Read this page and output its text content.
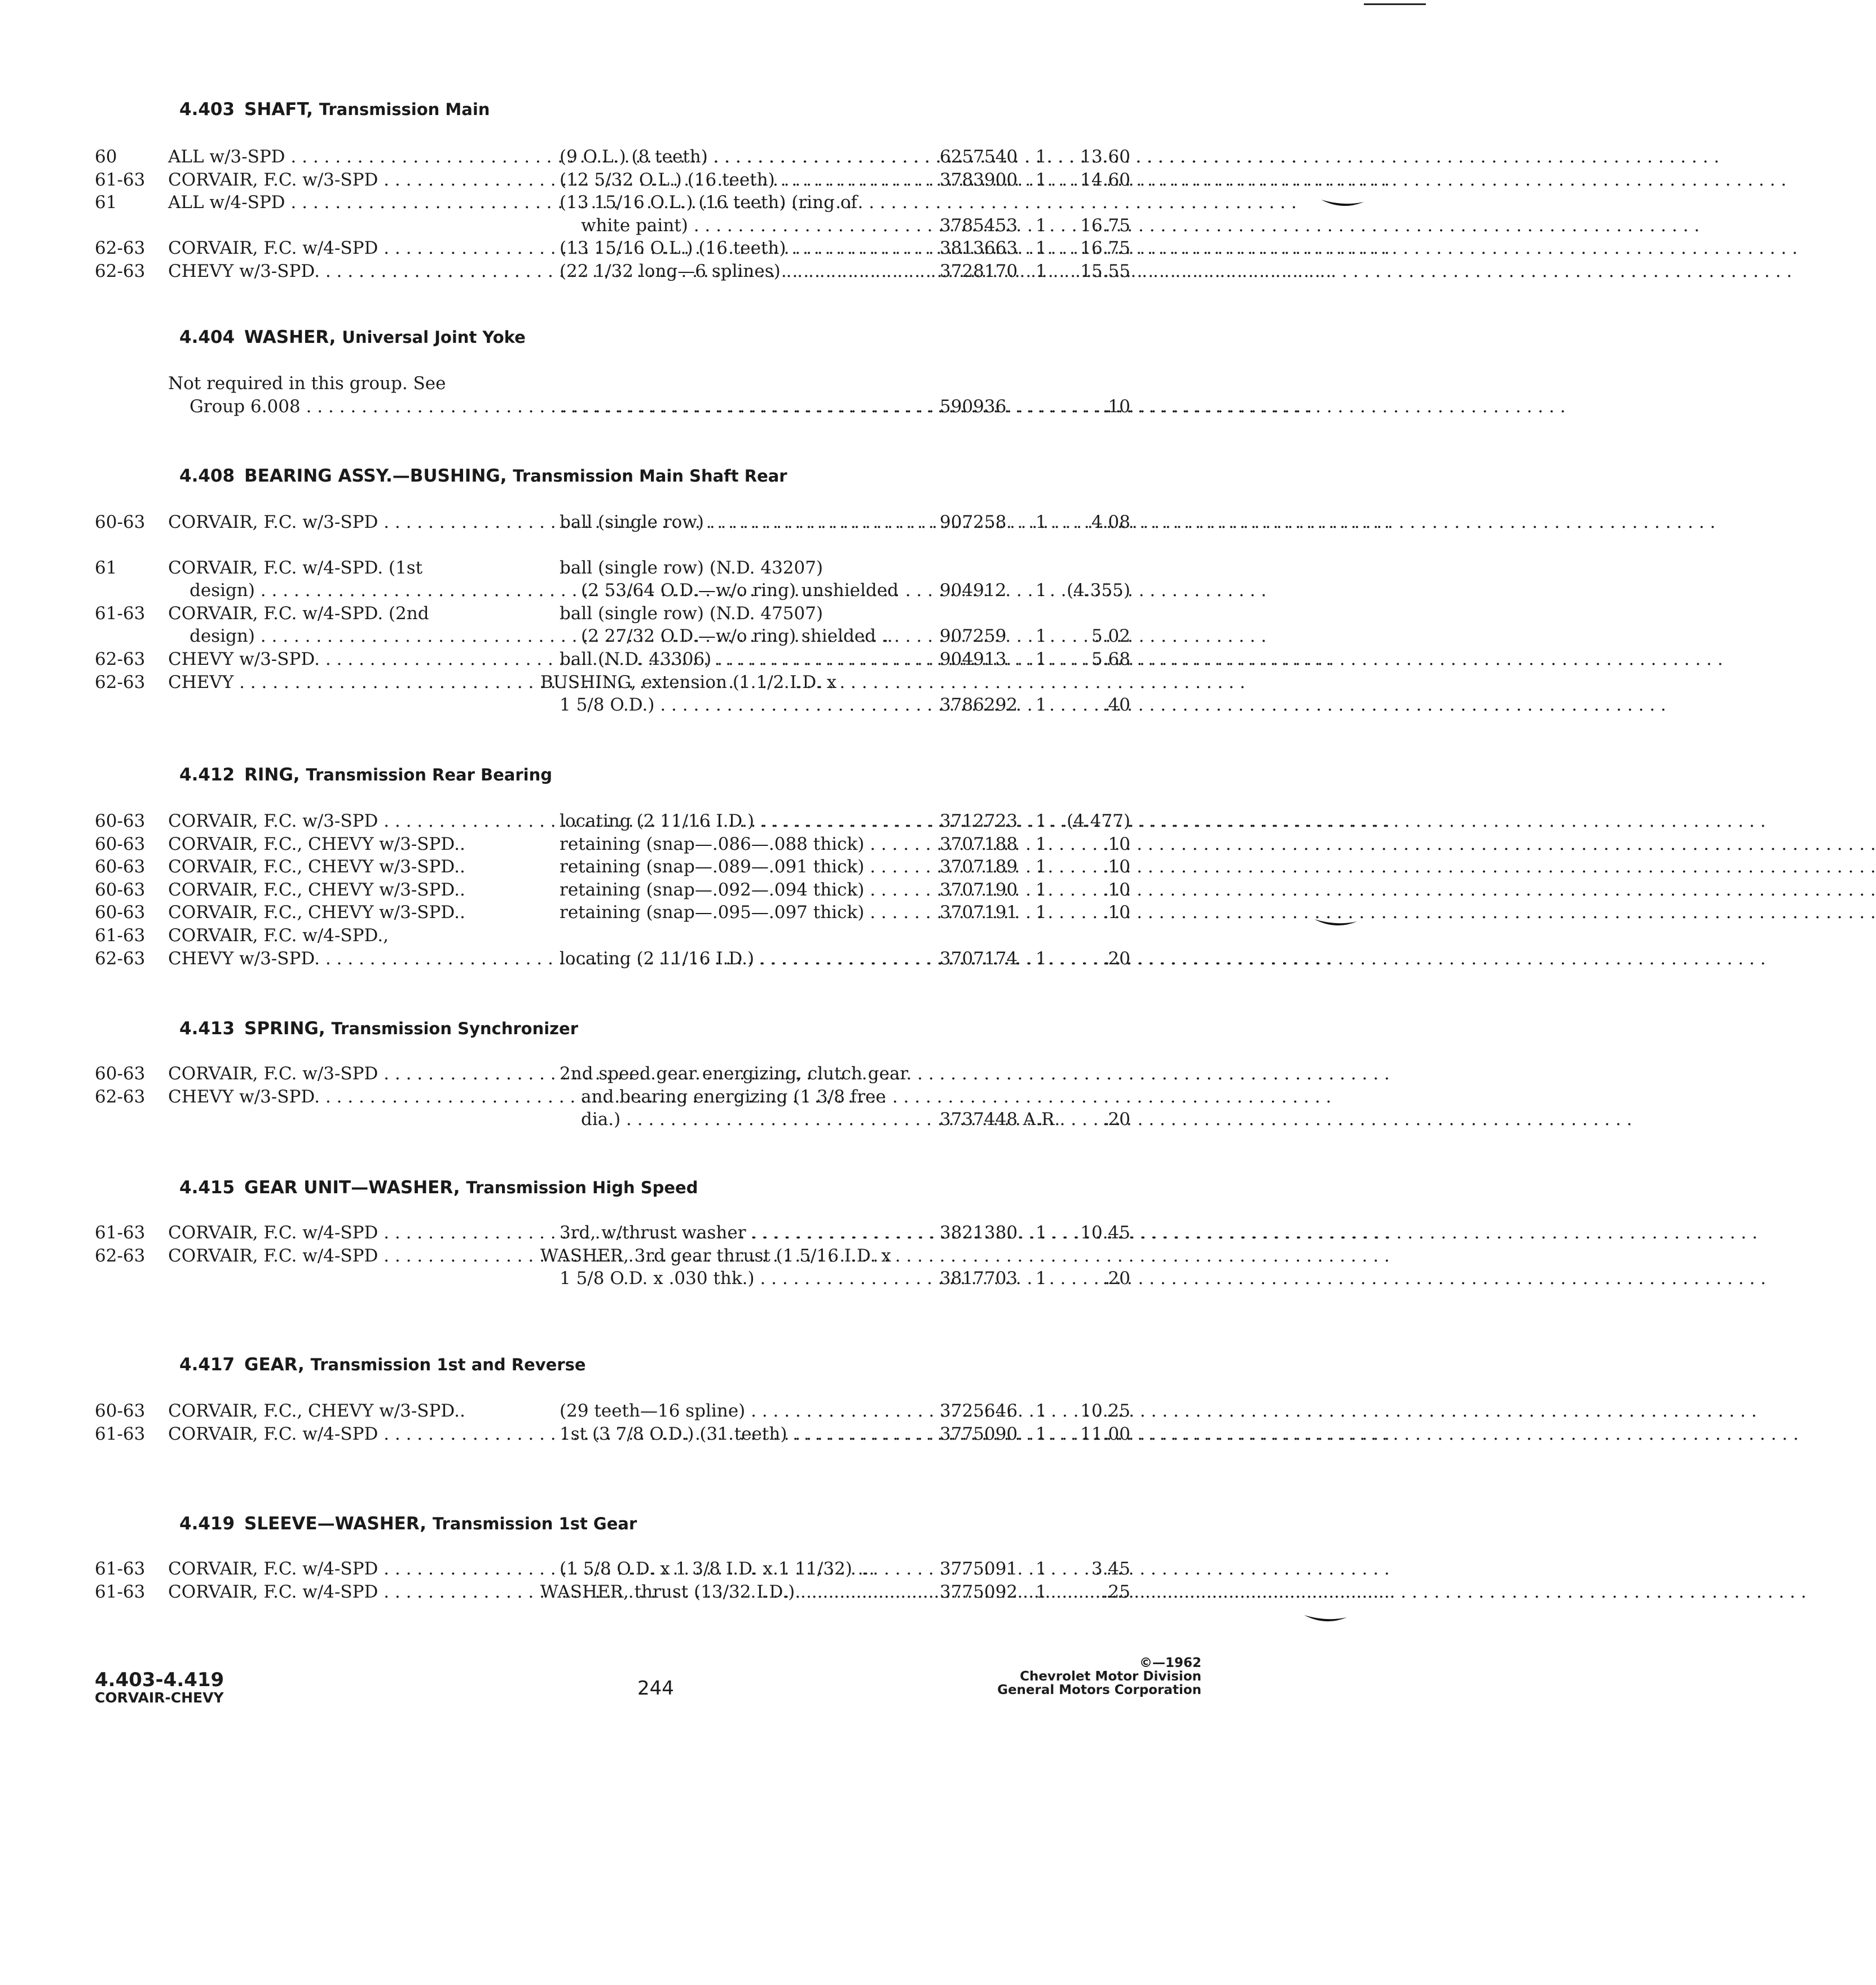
4.403 SHAFT, Transmission Main
60	ALL w/3-SPD . . .	(9 O.L.) (8 teeth) . . .	6257540	1	13.60
61-63	CORVAIR, F.C. w/3-SPD . . .	(12 5/32 O.L.) (16 teeth) . . .	3783900	1	14.60
61	ALL w/4-SPD . . .	(13 15/16 O.L.) (16 teeth) (ring of
white paint) . . .	3785453	1	16.75
62-63	CORVAIR, F.C. w/4-SPD . . .	(13 15/16 O.L.) (16 teeth) . . .	3813663	1	16.75
62-63	CHEVY w/3-SPD. . . .	(22 1/32 long—6 splines) . . .	3728170	1	15.55
4.404 WASHER, Universal Joint Yoke
Not required in this group. See
Group 6.008 . . .
. . .	590936	.10
4.408 BEARING ASSY.—BUSHING, Transmission Main Shaft Rear
60-63	CORVAIR, F.C. w/3-SPD . . .	ball (single row) . . .	907258	1	4.08
61	CORVAIR, F.C. w/4-SPD. (1st	ball (single row) (N.D. 43207)
design) . . .	(2 53/64 O.D.—w/o ring) unshielded	904912	1	(4.355)
61-63	CORVAIR, F.C. w/4-SPD. (2nd	ball (single row) (N.D. 47507)
design) . . .	(2 27/32 O.D.—w/o ring) shielded ..	907259	1	5.02
62-63	CHEVY w/3-SPD. . . .	ball (N.D. 43306) . . .	904913	1	5.68
62-63	CHEVY . . .	BUSHING, extension (1 1/2 I.D. x
1 5/8 O.D.) . . .	3786292	1	.40
4.412 RING, Transmission Rear Bearing
60-63	CORVAIR, F.C. w/3-SPD . . .	locating (2 11/16 I.D.) . . .	3712723	1	(4.477)
60-63	CORVAIR, F.C., CHEVY w/3-SPD..	retaining (snap—.086—.088 thick) . . .	3707188	1	.10
60-63	CORVAIR, F.C., CHEVY w/3-SPD..	retaining (snap—.089—.091 thick) . . .	3707189	1	.10
60-63	CORVAIR, F.C., CHEVY w/3-SPD..	retaining (snap—.092—.094 thick) . . .	3707190	1	.10
60-63	CORVAIR, F.C., CHEVY w/3-SPD..	retaining (snap—.095—.097 thick) . . .	3707191	1	.10
61-63	CORVAIR, F.C. w/4-SPD.,
62-63	CHEVY w/3-SPD. . . .	locating (2 11/16 I.D.) . . .	3707174	1	.20
4.413 SPRING, Transmission Synchronizer
60-63	CORVAIR, F.C. w/3-SPD . . .	2nd speed gear energizing, clutch gear
62-63	CHEVY w/3-SPD. . . .	and bearing energizing (1 3/8 free
dia.) . . .	3737448 A.R.	.20
4.415 GEAR UNIT—WASHER, Transmission High Speed
61-63	CORVAIR, F.C. w/4-SPD . . .	3rd, w/thrust washer . . .	3821380	1	10.45
62-63	CORVAIR, F.C. w/4-SPD . . .	WASHER, 3rd gear thrust (1 5/16 I.D. x
1 5/8 O.D. x .030 thk.) . . .	3817703	1	.20
4.417 GEAR, Transmission 1st and Reverse
60-63	CORVAIR, F.C., CHEVY w/3-SPD..	(29 teeth—16 spline) . . .	3725646	1	10.25
61-63	CORVAIR, F.C. w/4-SPD . . .	1st (3 7/8 O.D.) (31 teeth) . . .	3775090	1	11.00
4.419 SLEEVE—WASHER, Transmission 1st Gear
61-63	CORVAIR, F.C. w/4-SPD . . .	(1 5/8 O.D. x 1 3/8 I.D. x 1 11/32) ...	3775091	1	3.45
61-63	CORVAIR, F.C. w/4-SPD . . .	WASHER, thrust (13/32 I.D.) . . .	3775092	1	.25
4.403-4.419
CORVAIR-CHEVY	244
©—1962
Chevrolet Motor Division
General Motors Corporation
